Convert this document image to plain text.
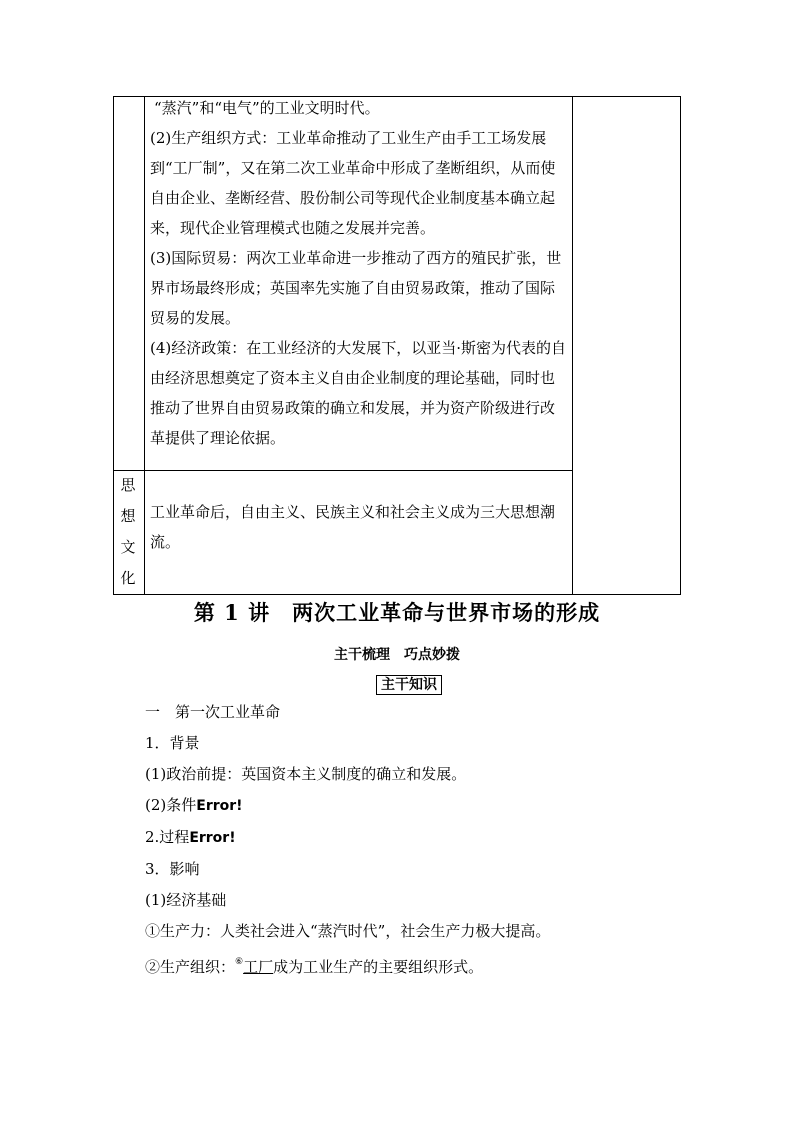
“蒸汽”和“电气”的工业文明时代。

(2)生产组织方式：工业革命推动了工业生产由手工工场发展到“工厂制”，又在第二次工业革命中形成了垄断组织，从而使自由企业、垄断经营、股份制公司等现代企业制度基本确立起来，现代企业管理模式也随之发展并完善。

(3)国际贸易：两次工业革命进一步推动了西方的殖民扩张，世界市场最终形成；英国率先实施了自由贸易政策，推动了国际贸易的发展。

(4)经济政策：在工业经济的大发展下，以亚当·斯密为代表的自由经济思想奠定了资本主义自由企业制度的理论基础，同时也推动了世界自由贸易政策的确立和发展，并为资产阶级进行改革提供了理论依据。

思
想
文
化

工业革命后，自由主义、民族主义和社会主义成为三大思想潮流。

第 1 讲　两次工业革命与世界市场的形成
主干梳理　巧点妙拨
主干知识

一　第一次工业革命

1．背景

(1)政治前提：英国资本主义制度的确立和发展。

(2)条件Error!

2.过程Error!

3．影响

(1)经济基础

①生产力：人类社会进入“蒸汽时代”，社会生产力极大提高。

②生产组织：⑥工厂成为工业生产的主要组织形式。
